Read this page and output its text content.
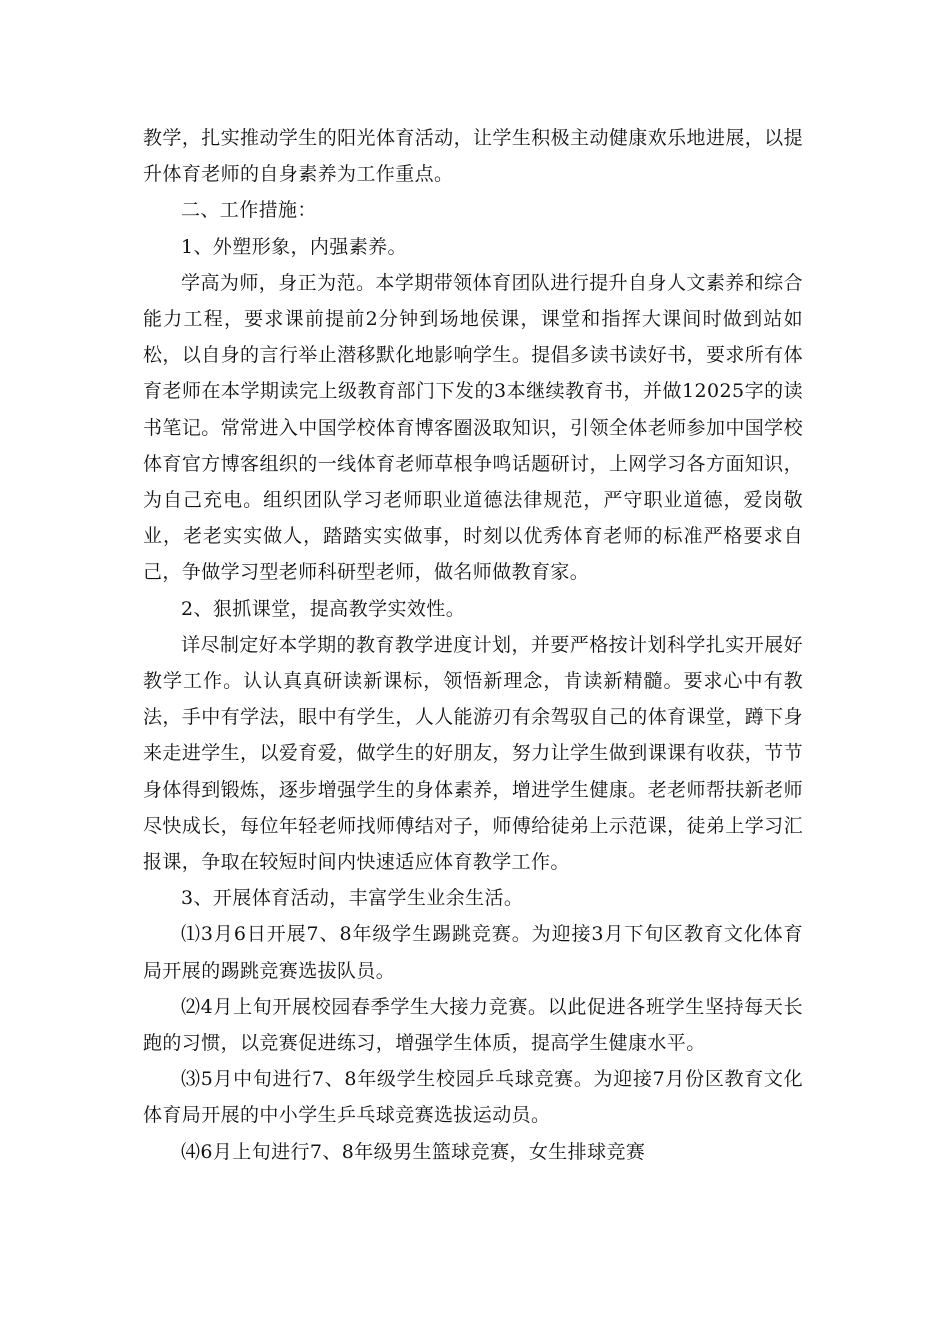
教学，扎实推动学生的阳光体育活动，让学生积极主动健康欢乐地进展，以提升体育老师的自身素养为工作重点。

二、工作措施：

1、外塑形象，内强素养。

学高为师，身正为范。本学期带领体育团队进行提升自身人文素养和综合能力工程，要求课前提前2分钟到场地侯课，课堂和指挥大课间时做到站如松，以自身的言行举止潜移默化地影响学生。提倡多读书读好书，要求所有体育老师在本学期读完上级教育部门下发的3本继续教育书，并做12025字的读书笔记。常常进入中国学校体育博客圈汲取知识，引领全体老师参加中国学校体育官方博客组织的一线体育老师草根争鸣话题研讨，上网学习各方面知识，为自己充电。组织团队学习老师职业道德法律规范，严守职业道德，爱岗敬业，老老实实做人，踏踏实实做事，时刻以优秀体育老师的标准严格要求自己，争做学习型老师科研型老师，做名师做教育家。

2、狠抓课堂，提高教学实效性。

详尽制定好本学期的教育教学进度计划，并要严格按计划科学扎实开展好教学工作。认认真真研读新课标，领悟新理念，肯读新精髓。要求心中有教法，手中有学法，眼中有学生，人人能游刃有余驾驭自己的体育课堂，蹲下身来走进学生，以爱育爱，做学生的好朋友，努力让学生做到课课有收获，节节身体得到锻炼，逐步增强学生的身体素养，增进学生健康。老老师帮扶新老师尽快成长，每位年轻老师找师傅结对子，师傅给徒弟上示范课，徒弟上学习汇报课，争取在较短时间内快速适应体育教学工作。

3、开展体育活动，丰富学生业余生活。

⑴3月6日开展7、8年级学生踢跳竞赛。为迎接3月下旬区教育文化体育局开展的踢跳竞赛选拔队员。

⑵4月上旬开展校园春季学生大接力竞赛。以此促进各班学生坚持每天长跑的习惯，以竞赛促进练习，增强学生体质，提高学生健康水平。

⑶5月中旬进行7、8年级学生校园乒乓球竞赛。为迎接7月份区教育文化体育局开展的中小学生乒乓球竞赛选拔运动员。

⑷6月上旬进行7、8年级男生篮球竞赛，女生排球竞赛
